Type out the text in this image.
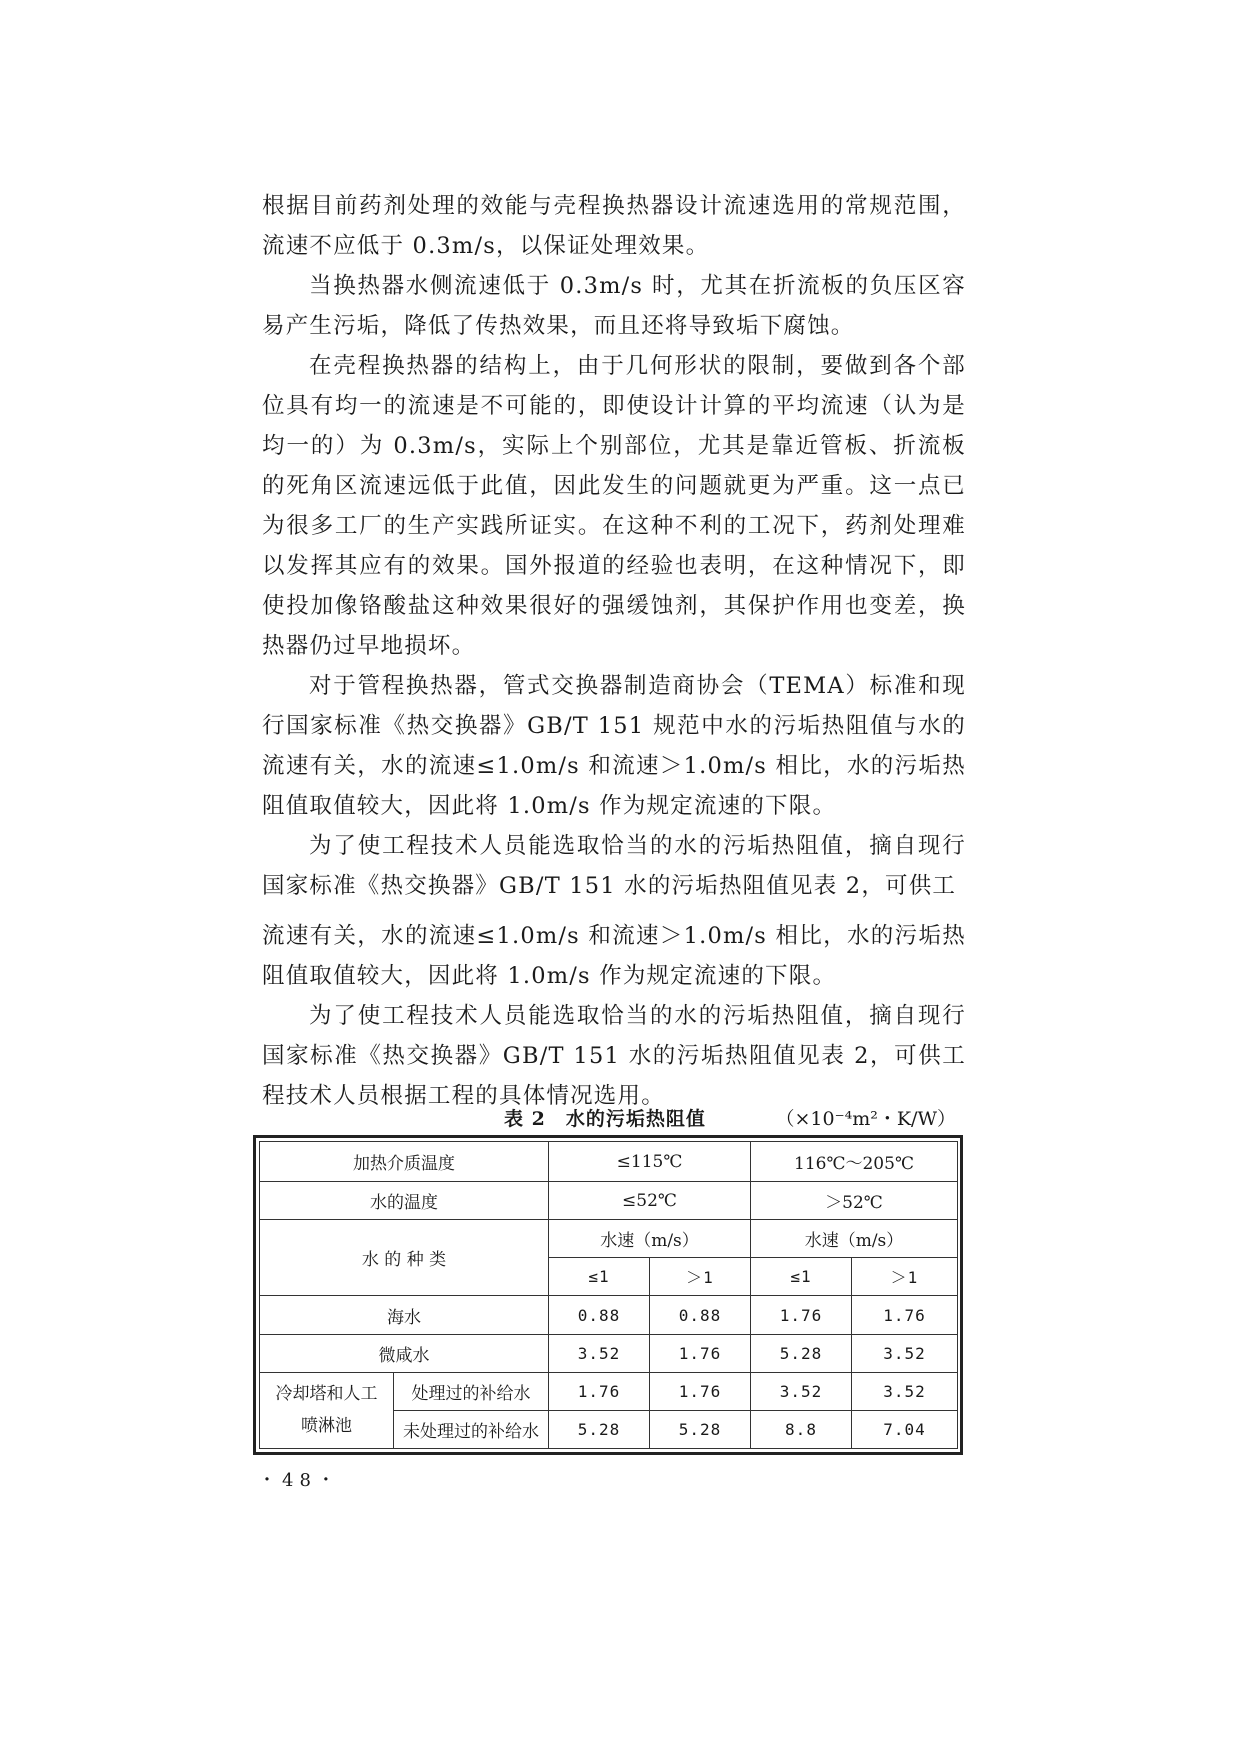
根据目前药剂处理的效能与壳程换热器设计流速选用的常规范围，流速不应低于 0.3m/s，以保证处理效果。

当换热器水侧流速低于 0.3m/s 时，尤其在折流板的负压区容易产生污垢，降低了传热效果，而且还将导致垢下腐蚀。

在壳程换热器的结构上，由于几何形状的限制，要做到各个部位具有均一的流速是不可能的，即使设计计算的平均流速（认为是均一的）为 0.3m/s，实际上个别部位，尤其是靠近管板、折流板的死角区流速远低于此值，因此发生的问题就更为严重。这一点已为很多工厂的生产实践所证实。在这种不利的工况下，药剂处理难以发挥其应有的效果。国外报道的经验也表明，在这种情况下，即使投加像铬酸盐这种效果很好的强缓蚀剂，其保护作用也变差，换热器仍过早地损坏。

对于管程换热器，管式交换器制造商协会（TEMA）标准和现行国家标准《热交换器》GB/T 151 规范中水的污垢热阻值与水的流速有关，水的流速≤1.0m/s 和流速＞1.0m/s 相比，水的污垢热阻值取值较大，因此将 1.0m/s 作为规定流速的下限。

为了使工程技术人员能选取恰当的水的污垢热阻值，摘自现行国家标准《热交换器》GB/T 151 水的污垢热阻值见表 2，可供工

流速有关，水的流速≤1.0m/s 和流速＞1.0m/s 相比，水的污垢热阻值取值较大，因此将 1.0m/s 作为规定流速的下限。

为了使工程技术人员能选取恰当的水的污垢热阻值，摘自现行国家标准《热交换器》GB/T 151 水的污垢热阻值见表 2，可供工程技术人员根据工程的具体情况选用。

表 2　水的污垢热阻值	（×10⁻⁴m²・K/W）
加热介质温度		≤115℃		116℃～205℃	
水的温度		≤52℃		＞52℃	
水 的 种 类		水速（m/s）		水速（m/s）	
		≤1	＞1	≤1	＞1
海水		0.88	0.88	1.76	1.76
微咸水		3.52	1.76	5.28	3.52
冷却塔和人工喷淋池	处理过的补给水	1.76	1.76	3.52	3.52
	未处理过的补给水	5.28	5.28	8.8	7.04
・48・
